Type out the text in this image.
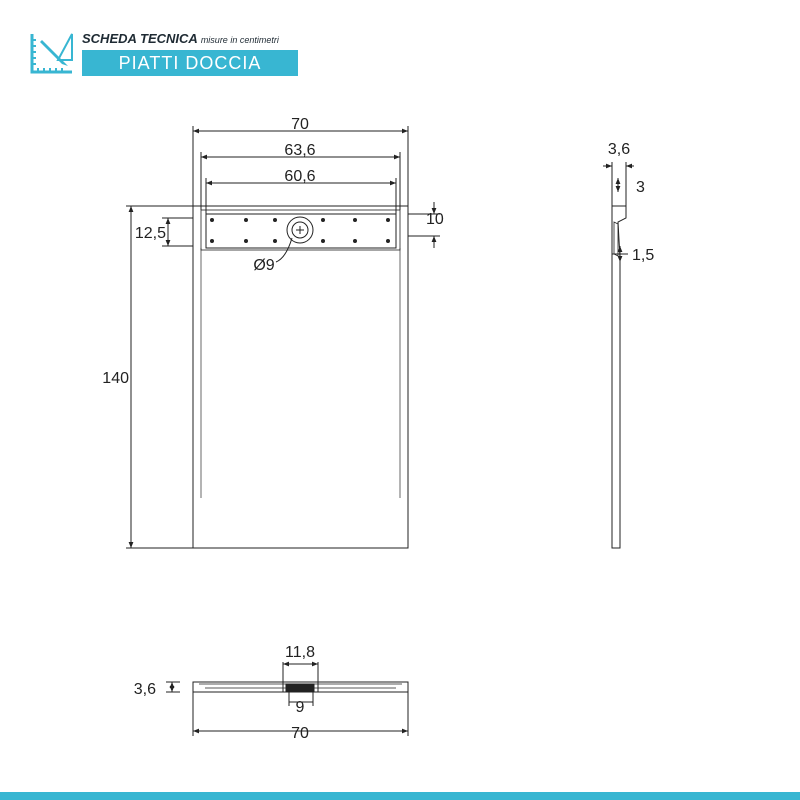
SCHEDA TECNICA misure in centimetri
PIATTI DOCCIA
70
63,6
60,6
140
12,5
10
Ø9
3,6
3
1,5
11,8
3,6
9
70
